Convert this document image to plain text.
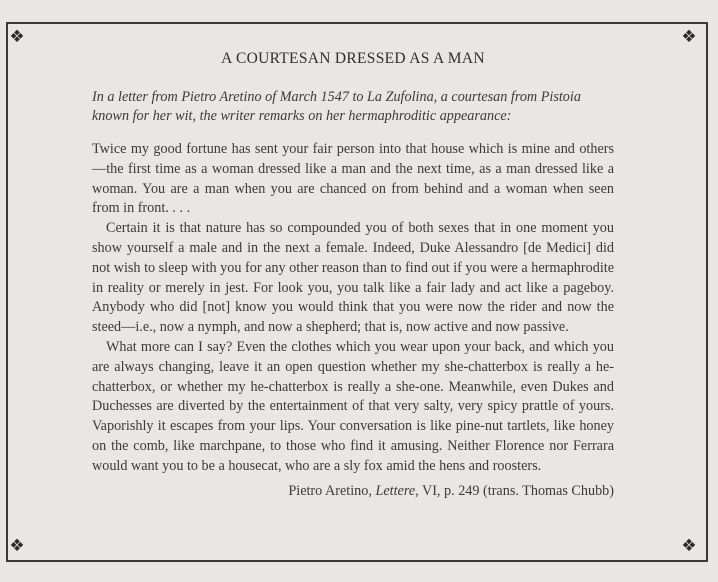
❖	❖
❖	❖
A COURTESAN DRESSED AS A MAN

In a letter from Pietro Aretino of March 1547 to La Zufolina, a courtesan from Pistoia known for her wit, the writer remarks on her hermaphroditic appearance:

Twice my good fortune has sent your fair person into that house which is mine and others—the first time as a woman dressed like a man and the next time, as a man dressed like a woman. You are a man when you are chanced on from behind and a woman when seen from in front. . . .

Certain it is that nature has so compounded you of both sexes that in one moment you show yourself a male and in the next a female. Indeed, Duke Alessandro [de Medici] did not wish to sleep with you for any other reason than to find out if you were a hermaphrodite in reality or merely in jest. For look you, you talk like a fair lady and act like a pageboy. Anybody who did [not] know you would think that you were now the rider and now the steed—i.e., now a nymph, and now a shepherd; that is, now active and now passive.

What more can I say? Even the clothes which you wear upon your back, and which you are always changing, leave it an open question whether my she-chatterbox is really a he-chatterbox, or whether my he-chatterbox is really a she-one. Meanwhile, even Dukes and Duchesses are diverted by the entertainment of that very salty, very spicy prattle of yours. Vaporishly it escapes from your lips. Your conversation is like pine-nut tartlets, like honey on the comb, like marchpane, to those who find it amusing. Neither Florence nor Ferrara would want you to be a housecat, who are a sly fox amid the hens and roosters.

Pietro Aretino, Lettere, VI, p. 249 (trans. Thomas Chubb)
